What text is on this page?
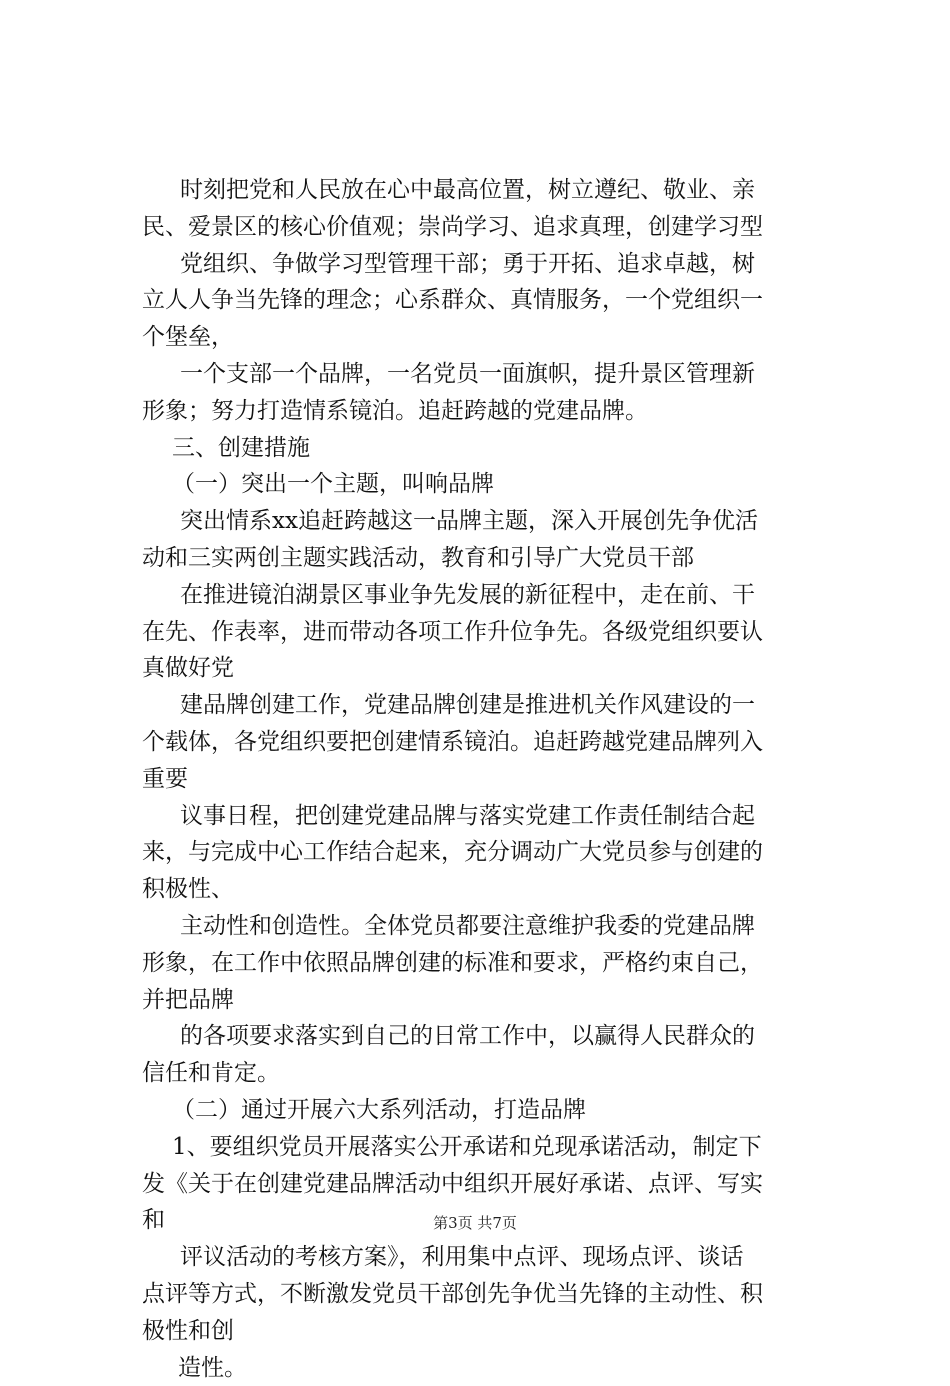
时刻把党和人民放在心中最高位置，树立遵纪、敬业、亲
民、爱景区的核心价值观；崇尚学习、追求真理，创建学习型
党组织、争做学习型管理干部；勇于开拓、追求卓越，树
立人人争当先锋的理念；心系群众、真情服务，一个党组织一
个堡垒，
一个支部一个品牌，一名党员一面旗帜，提升景区管理新
形象；努力打造情系镜泊。追赶跨越的党建品牌。
三、创建措施
（一）突出一个主题，叫响品牌
突出情系xx追赶跨越这一品牌主题，深入开展创先争优活
动和三实两创主题实践活动，教育和引导广大党员干部
在推进镜泊湖景区事业争先发展的新征程中，走在前、干
在先、作表率，进而带动各项工作升位争先。各级党组织要认
真做好党
建品牌创建工作，党建品牌创建是推进机关作风建设的一
个载体，各党组织要把创建情系镜泊。追赶跨越党建品牌列入
重要
议事日程，把创建党建品牌与落实党建工作责任制结合起
来，与完成中心工作结合起来，充分调动广大党员参与创建的
积极性、
主动性和创造性。全体党员都要注意维护我委的党建品牌
形象，在工作中依照品牌创建的标准和要求，严格约束自己，
并把品牌
的各项要求落实到自己的日常工作中，以赢得人民群众的
信任和肯定。
（二）通过开展六大系列活动，打造品牌
1、要组织党员开展落实公开承诺和兑现承诺活动，制定下
发《关于在创建党建品牌活动中组织开展好承诺、点评、写实
和
评议活动的考核方案》，利用集中点评、现场点评、谈话
点评等方式，不断激发党员干部创先争优当先锋的主动性、积
极性和创
造性。
第3页 共7页
